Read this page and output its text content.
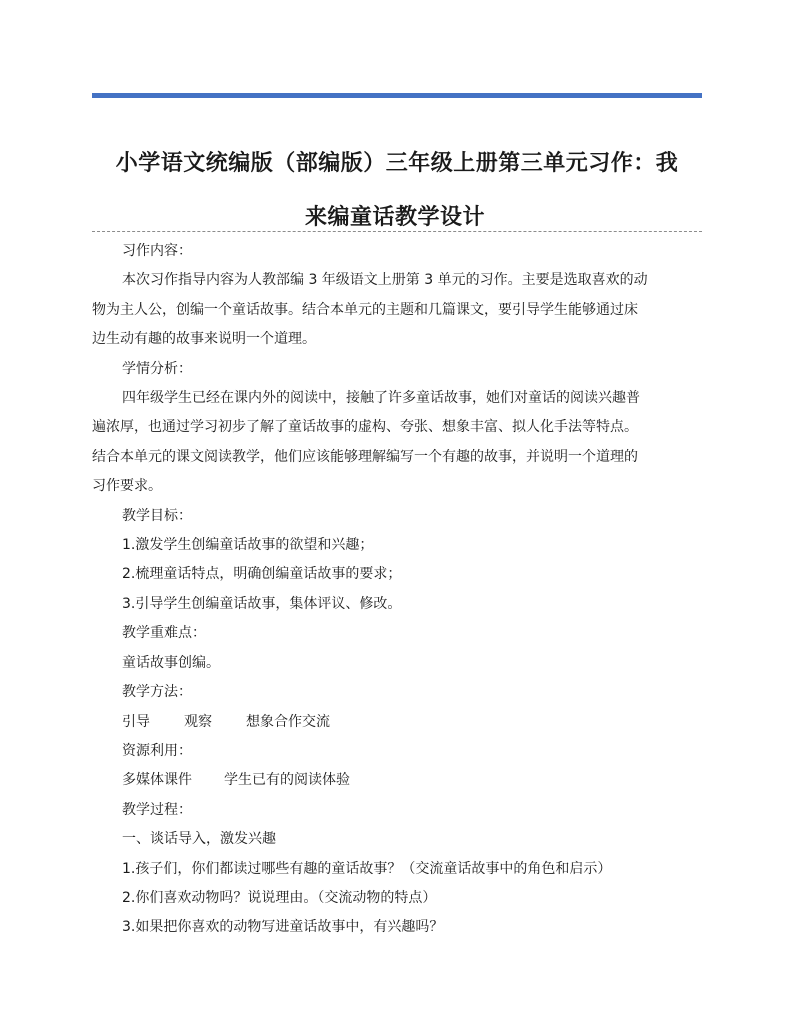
小学语文统编版（部编版）三年级上册第三单元习作：我
来编童话教学设计

习作内容：

本次习作指导内容为人教部编 3 年级语文上册第 3 单元的习作。主要是选取喜欢的动

物为主人公，创编一个童话故事。结合本单元的主题和几篇课文，要引导学生能够通过床

边生动有趣的故事来说明一个道理。

学情分析：

四年级学生已经在课内外的阅读中，接触了许多童话故事，她们对童话的阅读兴趣普

遍浓厚，也通过学习初步了解了童话故事的虚构、夸张、想象丰富、拟人化手法等特点。

结合本单元的课文阅读教学，他们应该能够理解编写一个有趣的故事，并说明一个道理的

习作要求。

教学目标：

1.激发学生创编童话故事的欲望和兴趣；

2.梳理童话特点，明确创编童话故事的要求；

3.引导学生创编童话故事，集体评议、修改。

教学重难点：

童话故事创编。

教学方法：

引导 观察 想象合作交流

资源利用：

多媒体课件 学生已有的阅读体验

教学过程：

一、谈话导入，激发兴趣

1.孩子们，你们都读过哪些有趣的童话故事？（交流童话故事中的角色和启示）

2.你们喜欢动物吗？说说理由。（交流动物的特点）

3.如果把你喜欢的动物写进童话故事中，有兴趣吗？
